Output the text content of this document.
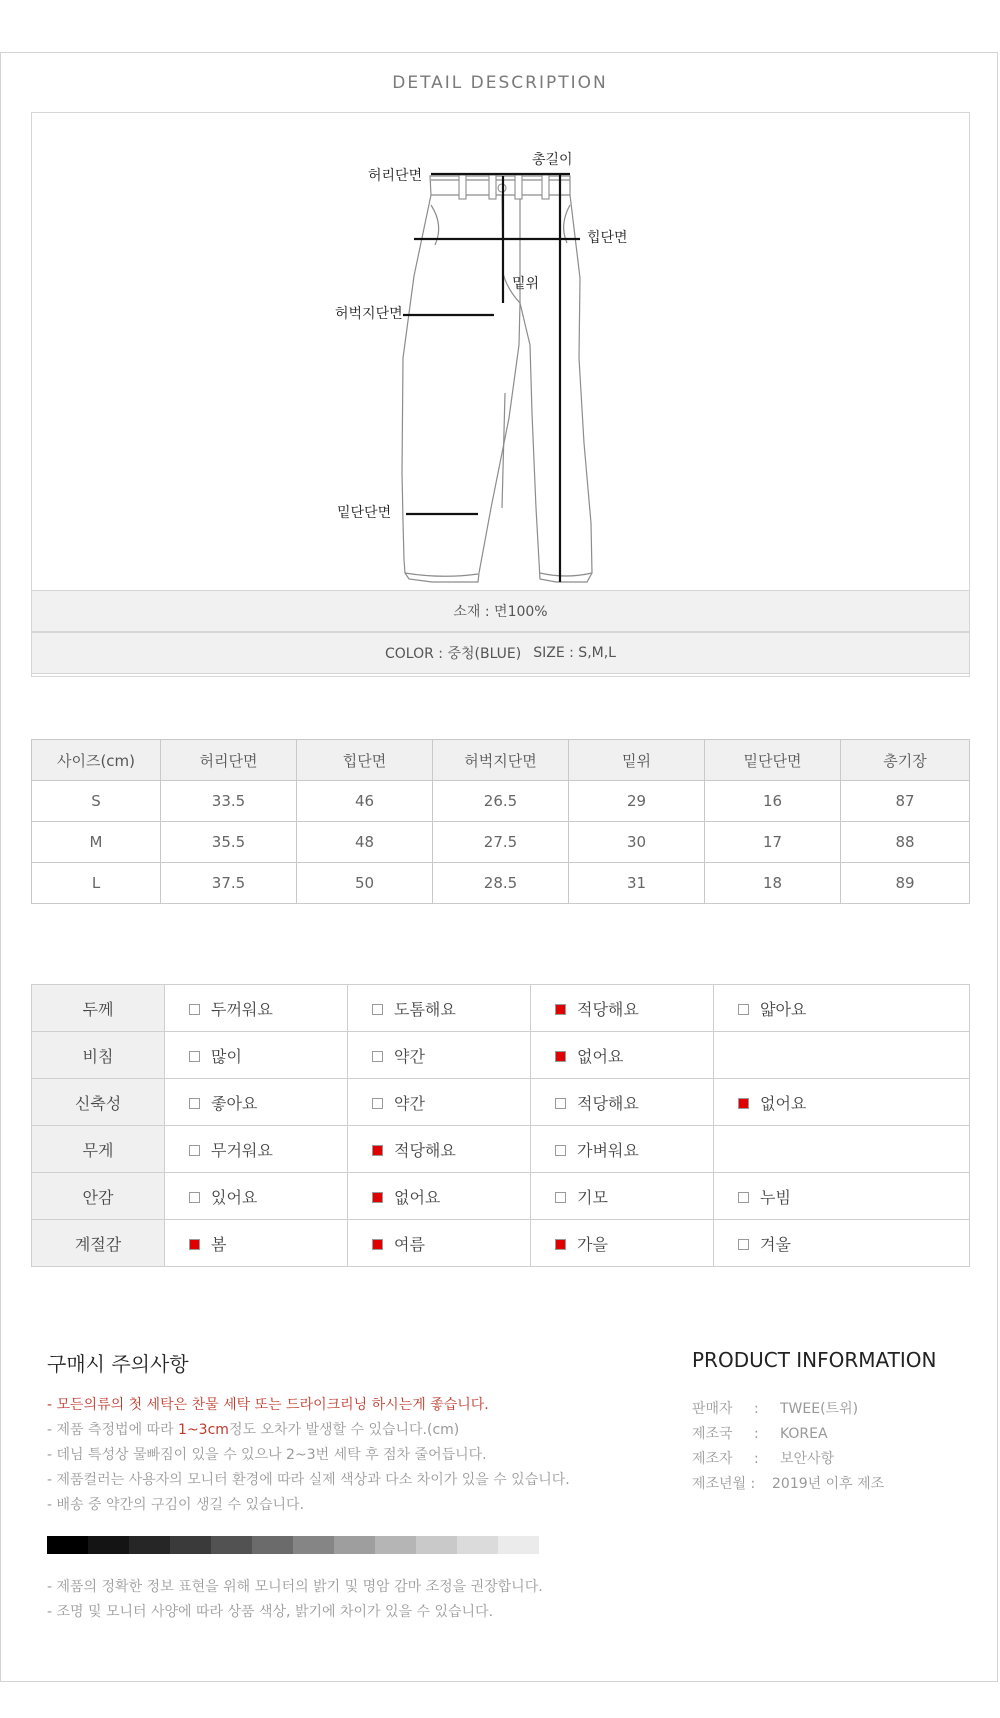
DETAIL DESCRIPTION
총길이
허리단면
힙단면
밑위
허벅지단면
밑단단면
소재 : 면100%
COLOR : 중청(BLUE) SIZE : S,M,L
사이즈(cm)	허리단면	힙단면	허벅지단면	밑위	밑단단면	총기장
S	33.5	46	26.5	29	16	87
M	35.5	48	27.5	30	17	88
L	37.5	50	28.5	31	18	89
두께	두꺼워요	도톰해요	적당해요	얇아요
비침	많이	약간	없어요	
신축성	좋아요	약간	적당해요	없어요
무게	무거워요	적당해요	가벼워요	
안감	있어요	없어요	기모	누빔
계절감	봄	여름	가을	겨울
구매시 주의사항
- 모든의류의 첫 세탁은 찬물 세탁 또는 드라이크리닝 하시는게 좋습니다.
- 제품 측정법에 따라 1~3cm정도 오차가 발생할 수 있습니다.(cm)
- 데님 특성상 물빠짐이 있을 수 있으나 2~3번 세탁 후 점차 줄어듭니다.
- 제품컬러는 사용자의 모니터 환경에 따라 실제 색상과 다소 차이가 있을 수 있습니다.
- 배송 중 약간의 구김이 생길 수 있습니다.
- 제품의 정확한 정보 표현을 위해 모니터의 밝기 및 명암 감마 조정을 권장합니다.
- 조명 및 모니터 사양에 따라 상품 색상, 밝기에 차이가 있을 수 있습니다.
PRODUCT INFORMATION
판매자	:	TWEE(트위)
제조국	:	KOREA
제조자	:	보안사항
제조년월 :	2019년 이후 제조
